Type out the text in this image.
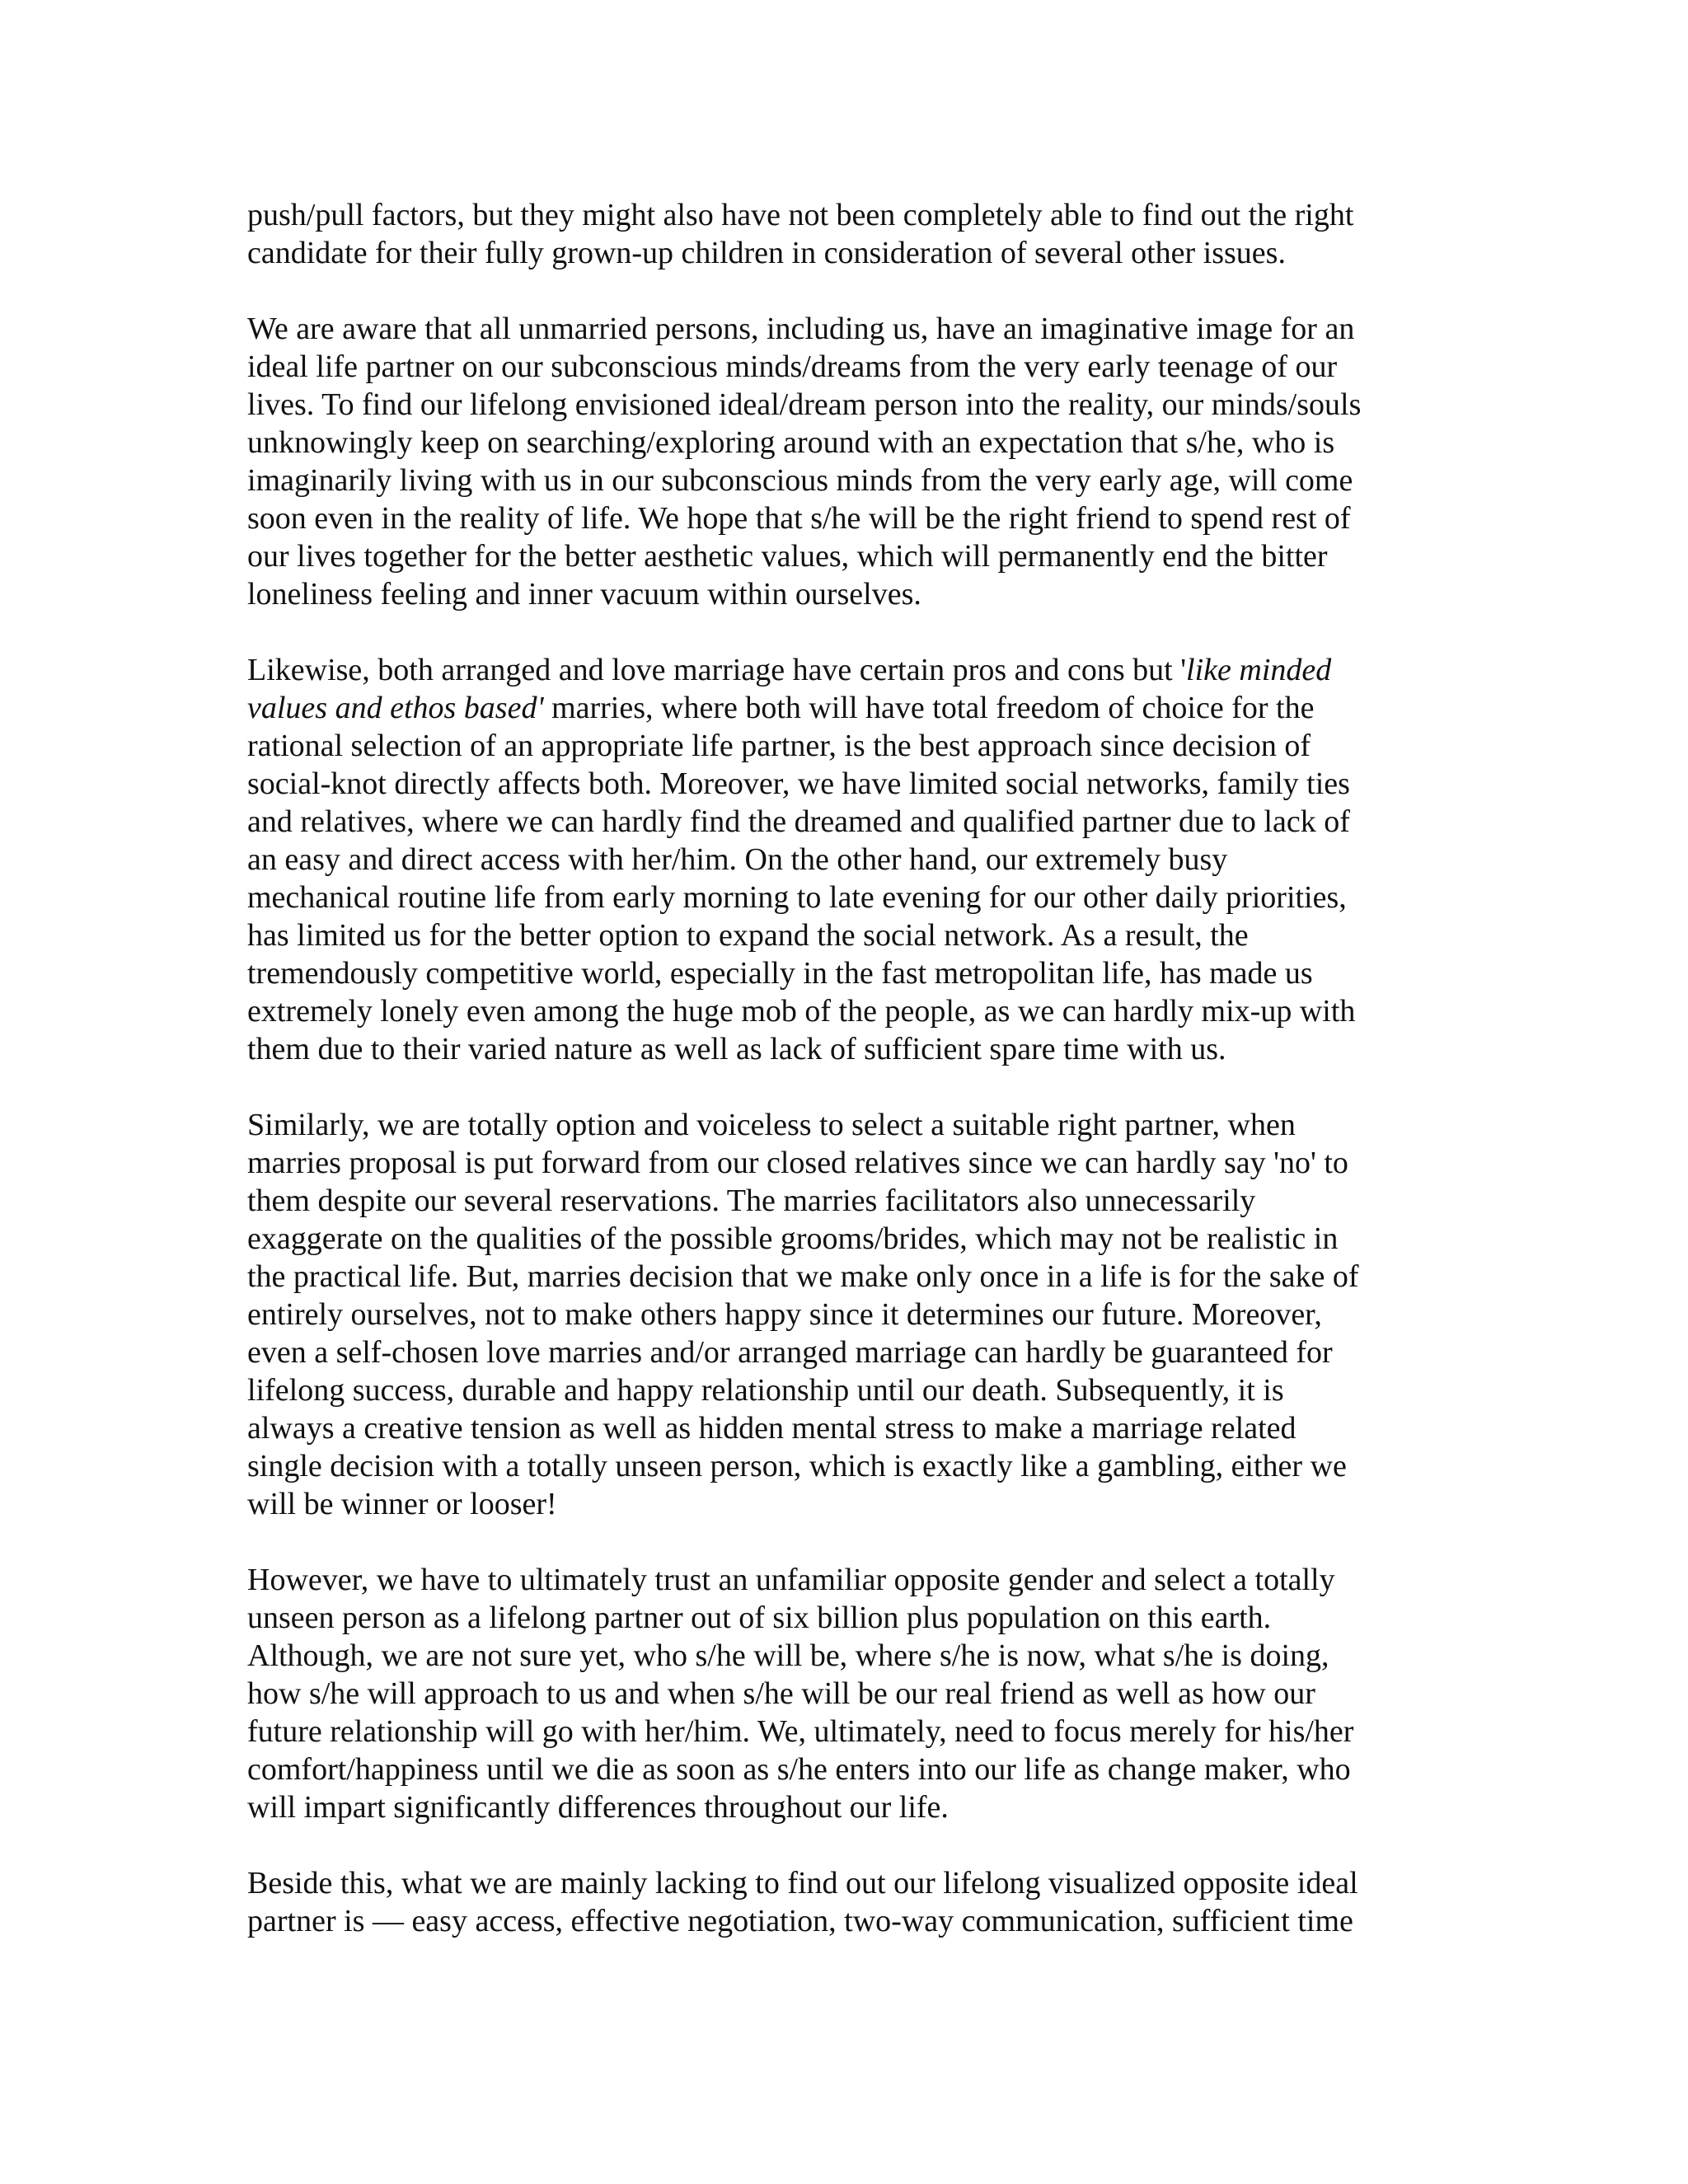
push/pull factors, but they might also have not been completely able to find out the right
candidate for their fully grown-up children in consideration of several other issues.
We are aware that all unmarried persons, including us, have an imaginative image for an
ideal life partner on our subconscious minds/dreams from the very early teenage of our
lives. To find our lifelong envisioned ideal/dream person into the reality, our minds/souls
unknowingly keep on searching/exploring around with an expectation that s/he, who is
imaginarily living with us in our subconscious minds from the very early age, will come
soon even in the reality of life. We hope that s/he will be the right friend to spend rest of
our lives together for the better aesthetic values, which will permanently end the bitter
loneliness feeling and inner vacuum within ourselves.
Likewise, both arranged and love marriage have certain pros and cons but 'like minded
values and ethos based' marries, where both will have total freedom of choice for the
rational selection of an appropriate life partner, is the best approach since decision of
social-knot directly affects both. Moreover, we have limited social networks, family ties
and relatives, where we can hardly find the dreamed and qualified partner due to lack of
an easy and direct access with her/him. On the other hand, our extremely busy
mechanical routine life from early morning to late evening for our other daily priorities,
has limited us for the better option to expand the social network. As a result, the
tremendously competitive world, especially in the fast metropolitan life, has made us
extremely lonely even among the huge mob of the people, as we can hardly mix-up with
them due to their varied nature as well as lack of sufficient spare time with us.
Similarly, we are totally option and voiceless to select a suitable right partner, when
marries proposal is put forward from our closed relatives since we can hardly say 'no' to
them despite our several reservations. The marries facilitators also unnecessarily
exaggerate on the qualities of the possible grooms/brides, which may not be realistic in
the practical life. But, marries decision that we make only once in a life is for the sake of
entirely ourselves, not to make others happy since it determines our future. Moreover,
even a self-chosen love marries and/or arranged marriage can hardly be guaranteed for
lifelong success, durable and happy relationship until our death. Subsequently, it is
always a creative tension as well as hidden mental stress to make a marriage related
single decision with a totally unseen person, which is exactly like a gambling, either we
will be winner or looser!
However, we have to ultimately trust an unfamiliar opposite gender and select a totally
unseen person as a lifelong partner out of six billion plus population on this earth.
Although, we are not sure yet, who s/he will be, where s/he is now, what s/he is doing,
how s/he will approach to us and when s/he will be our real friend as well as how our
future relationship will go with her/him. We, ultimately, need to focus merely for his/her
comfort/happiness until we die as soon as s/he enters into our life as change maker, who
will impart significantly differences throughout our life.
Beside this, what we are mainly lacking to find out our lifelong visualized opposite ideal
partner is — easy access, effective negotiation, two-way communication, sufficient time
